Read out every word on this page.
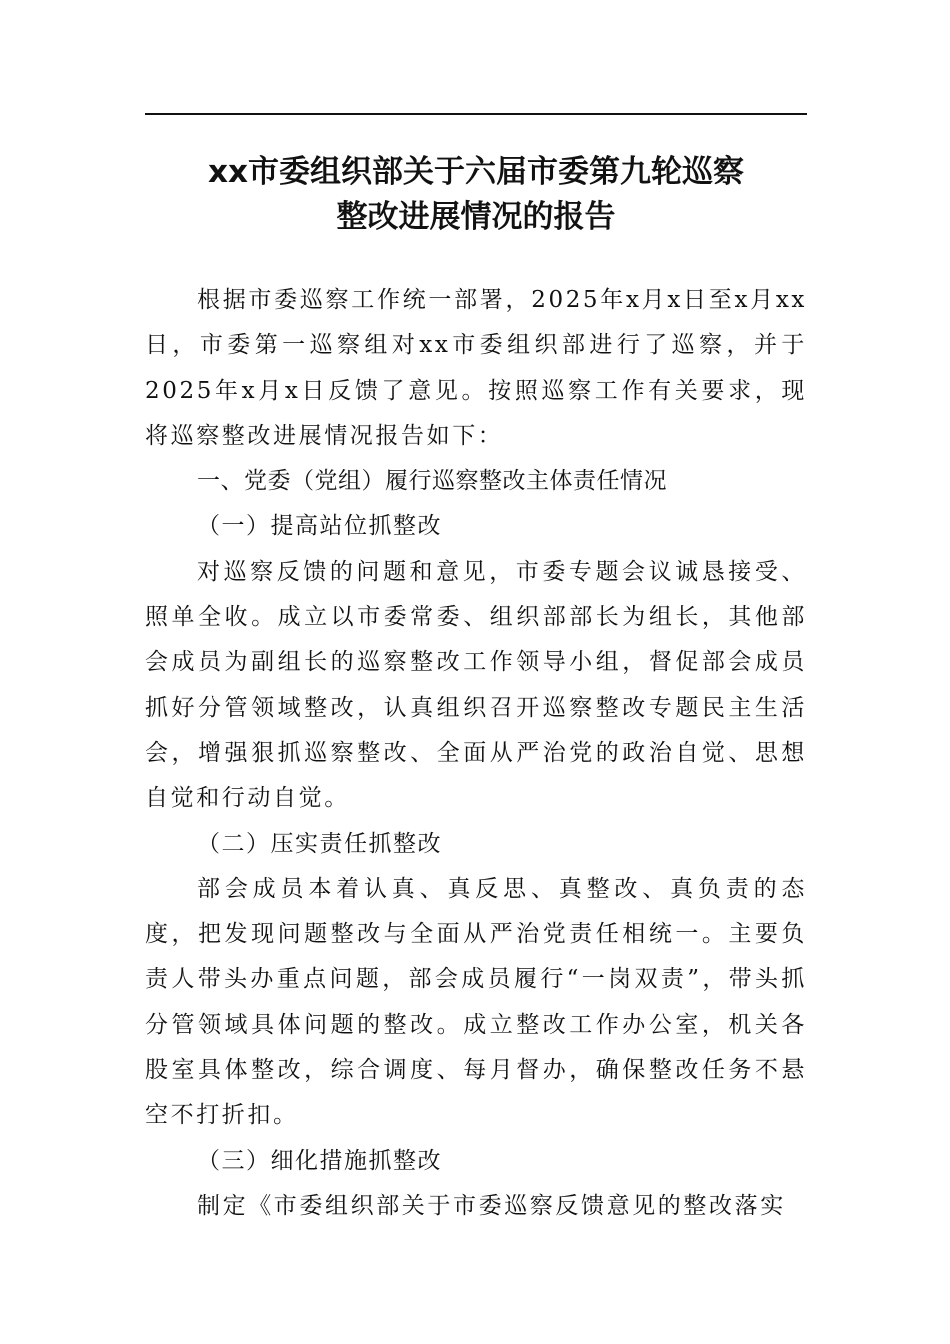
xx市委组织部关于六届市委第九轮巡察
整改进展情况的报告

根据市委巡察工作统一部署，2025年x月x日至x月xx日，市委第一巡察组对xx市委组织部进行了巡察，并于2025年x月x日反馈了意见。按照巡察工作有关要求，现将巡察整改进展情况报告如下：

一、党委（党组）履行巡察整改主体责任情况

（一）提高站位抓整改

对巡察反馈的问题和意见，市委专题会议诚恳接受、照单全收。成立以市委常委、组织部部长为组长，其他部会成员为副组长的巡察整改工作领导小组，督促部会成员抓好分管领域整改，认真组织召开巡察整改专题民主生活会，增强狠抓巡察整改、全面从严治党的政治自觉、思想自觉和行动自觉。

（二）压实责任抓整改

部会成员本着认真、真反思、真整改、真负责的态度，把发现问题整改与全面从严治党责任相统一。主要负责人带头办重点问题，部会成员履行“一岗双责”，带头抓分管领域具体问题的整改。成立整改工作办公室，机关各股室具体整改，综合调度、每月督办，确保整改任务不悬空不打折扣。

（三）细化措施抓整改

制定《市委组织部关于市委巡察反馈意见的整改落实
